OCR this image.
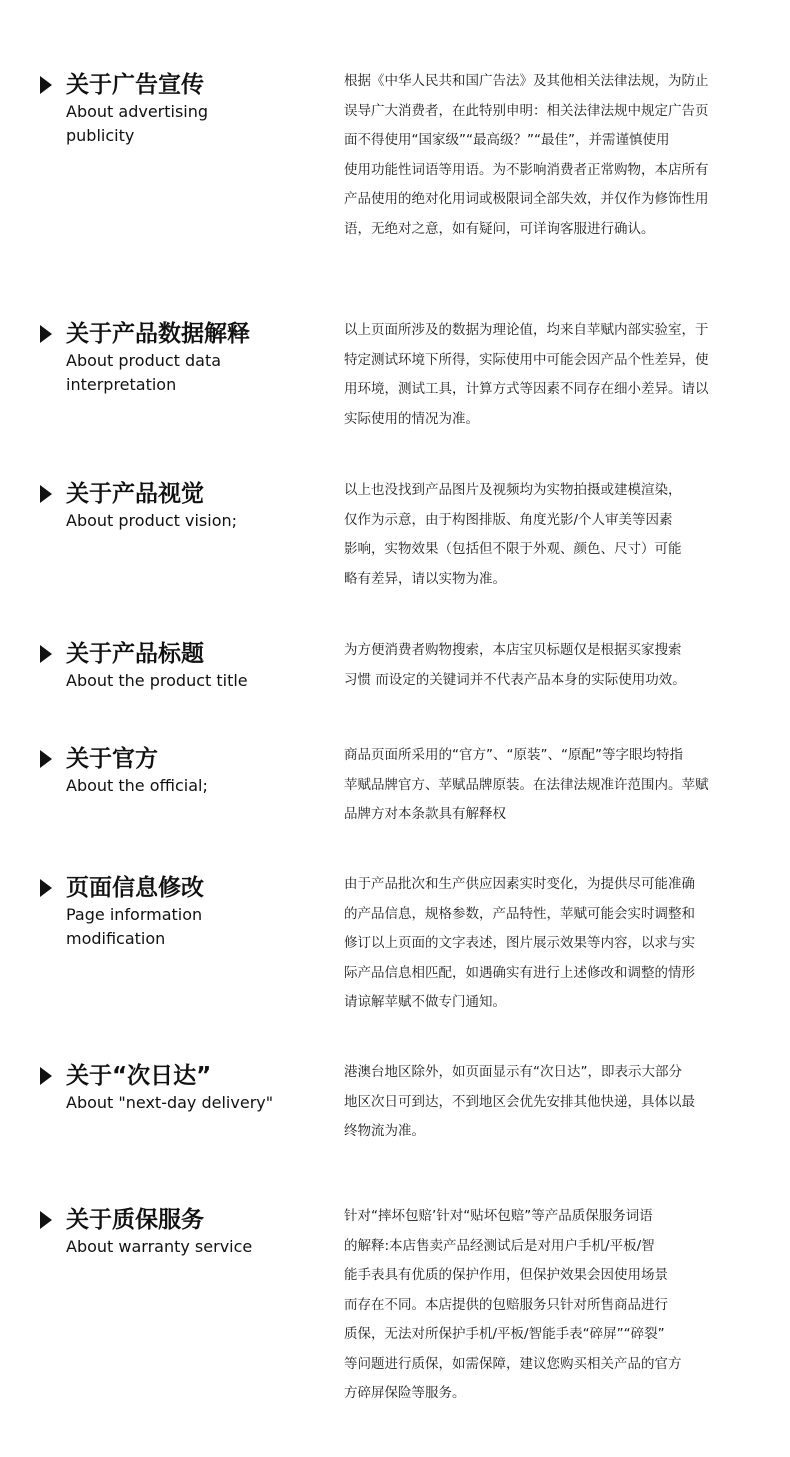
关于广告宣传
About advertising
publicity

根据《中华人民共和国广告法》及其他相关法律法规，为防止

误导广大消费者，在此特别申明：相关法律法规中规定广告页

面不得使用“国家级”“最高级？”“最佳”，并需谨慎使用

使用功能性词语等用语。为不影响消费者正常购物，本店所有

产品使用的绝对化用词或极限词全部失效，并仅作为修饰性用

语，无绝对之意，如有疑问，可详询客服进行确认。

关于产品数据解释
About product data
interpretation

以上页面所涉及的数据为理论值，均来自苹赋内部实验室，于

特定测试环境下所得，实际使用中可能会因产品个性差异，使

用环境，测试工具，计算方式等因素不同存在细小差异。请以

实际使用的情况为准。

关于产品视觉
About product vision;

以上也没找到产品图片及视频均为实物拍摄或建模渲染，

仅作为示意，由于构图排版、角度光影/个人审美等因素

影响，实物效果（包括但不限于外观、颜色、尺寸）可能

略有差异，请以实物为准。

关于产品标题
About the product title

为方便消费者购物搜索，本店宝贝标题仅是根据买家搜索

习惯 而设定的关键词并不代表产品本身的实际使用功效。

关于官方
About the official;

商品页面所采用的“官方”、“原装”、“原配”等字眼均特指

苹赋品牌官方、苹赋品牌原装。在法律法规准许范围内。苹赋

品牌方对本条款具有解释权

页面信息修改
Page information
modification

由于产品批次和生产供应因素实时变化，为提供尽可能准确

的产品信息，规格参数，产品特性，苹赋可能会实时调整和

修订以上页面的文字表述，图片展示效果等内容，以求与实

际产品信息相匹配，如遇确实有进行上述修改和调整的情形

请谅解苹赋不做专门通知。

关于“次日达”
About "next-day delivery"

港澳台地区除外，如页面显示有“次日达”，即表示大部分

地区次日可到达，不到地区会优先安排其他快递，具体以最

终物流为准。

关于质保服务
About warranty service

针对“摔坏包赔’针对“贴坏包赔”等产品质保服务词语

的解释:本店售卖产品经测试后是对用户手机/平板/智

能手表具有优质的保护作用，但保护效果会因使用场景

而存在不同。本店提供的包赔服务只针对所售商品进行

质保，无法对所保护手机/平板/智能手表“碎屏”“碎裂”

等问题进行质保，如需保障，建议您购买相关产品的官方

方碎屏保险等服务。
